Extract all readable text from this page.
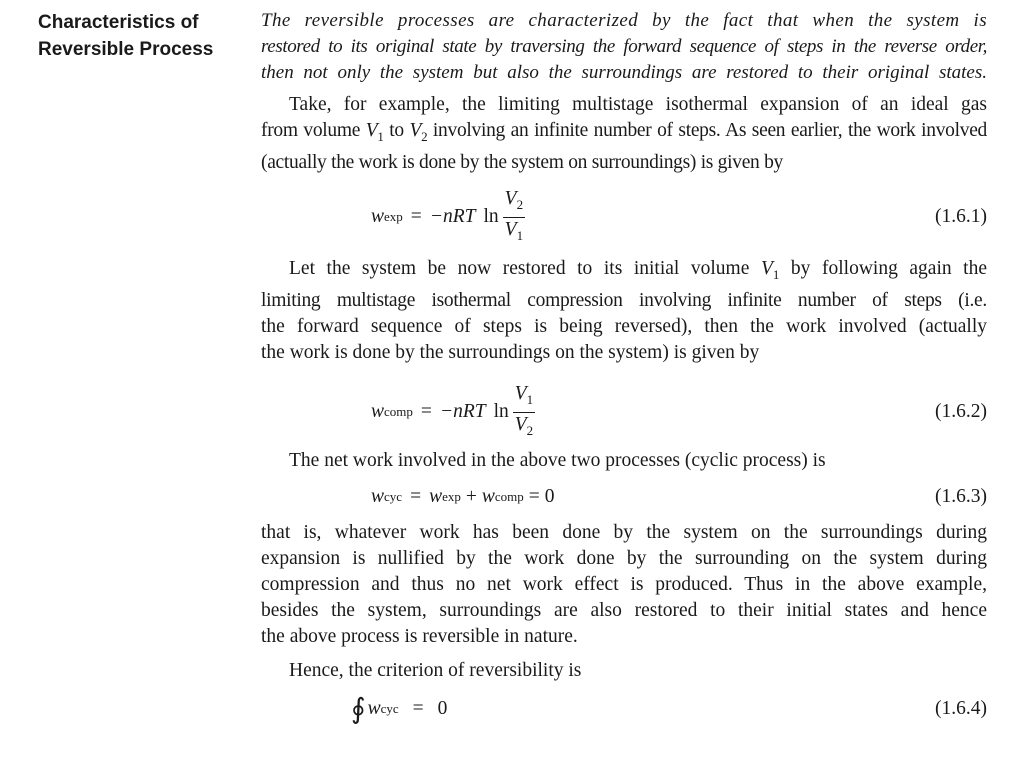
Characteristics of
Reversible Process

The reversible processes are characterized by the fact that when the system is
restored to its original state by traversing the forward sequence of steps in the reverse order,
then not only the system but also the surroundings are restored to their original states.

Take, for example, the limiting multistage isothermal expansion of an ideal gas
from volume $V_1$ to $V_2$ involving an infinite number of steps. As seen earlier, the work involved
(actually the work is done by the system on surroundings) is given by

w exp = −nRT $\ln \frac{V_2}{V_1}$	(1.6.1)

Let the system be now restored to its initial volume $V_1$ by following again the
limiting multistage isothermal compression involving infinite number of steps (i.e.
the forward sequence of steps is being reversed), then the work involved (actually
the work is done by the surroundings on the system) is given by

w comp = −nRT $\ln \frac{V_1}{V_2}$	(1.6.2)

The net work involved in the above two processes (cyclic process) is

w cyc = w exp + w comp = 0	(1.6.3)

that is, whatever work has been done by the system on the surroundings during
expansion is nullified by the work done by the surrounding on the system during
compression and thus no net work effect is produced. Thus in the above example,
besides the system, surroundings are also restored to their initial states and hence
the above process is reversible in nature.

Hence, the criterion of reversibility is

∮ w cyc = 0	(1.6.4)
